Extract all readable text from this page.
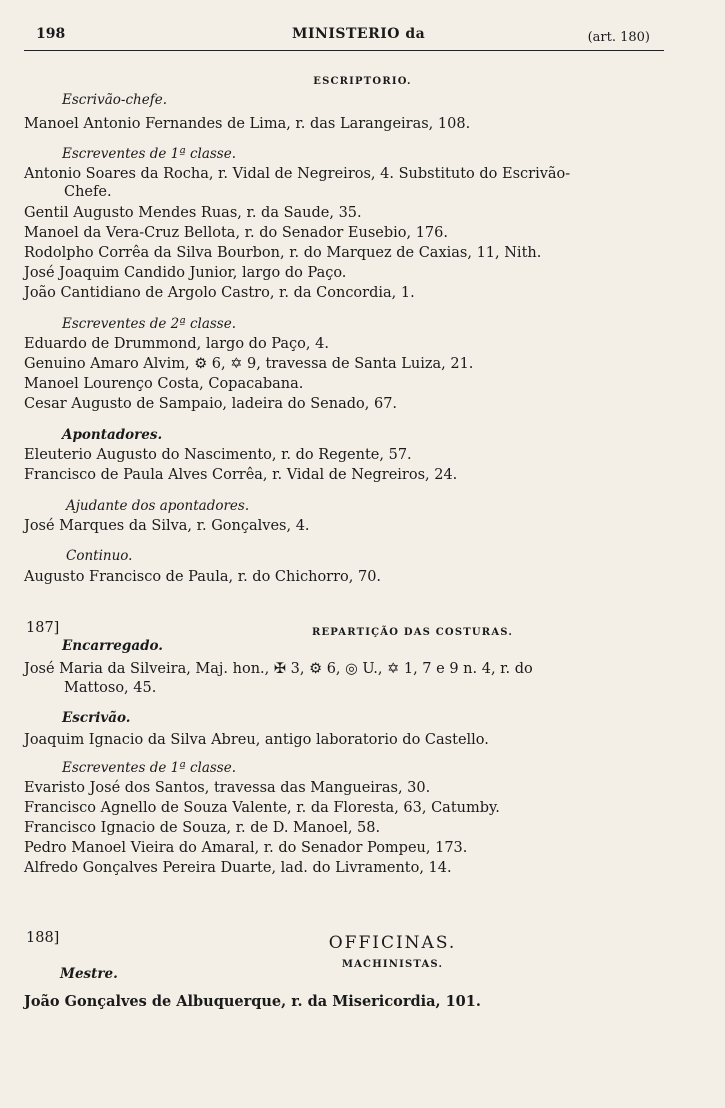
198	MINISTERIO da	(art. 180)
ESCRIPTORIO.
Escrivão-chefe.
Manoel Antonio Fernandes de Lima, r. das Larangeiras, 108.
Escreventes de 1ª classe.
Antonio Soares da Rocha, r. Vidal de Negreiros, 4. Substituto do Escrivão-
Chefe.
Gentil Augusto Mendes Ruas, r. da Saude, 35.
Manoel da Vera-Cruz Bellota, r. do Senador Eusebio, 176.
Rodolpho Corrêa da Silva Bourbon, r. do Marquez de Caxias, 11, Nith.
José Joaquim Candido Junior, largo do Paço.
João Cantidiano de Argolo Castro, r. da Concordia, 1.
Escreventes de 2ª classe.
Eduardo de Drummond, largo do Paço, 4.
Genuino Amaro Alvim, ⚙ 6, ✡ 9, travessa de Santa Luiza, 21.
Manoel Lourenço Costa, Copacabana.
Cesar Augusto de Sampaio, ladeira do Senado, 67.
Apontadores.
Eleuterio Augusto do Nascimento, r. do Regente, 57.
Francisco de Paula Alves Corrêa, r. Vidal de Negreiros, 24.
Ajudante dos apontadores.
José Marques da Silva, r. Gonçalves, 4.
Continuo.
Augusto Francisco de Paula, r. do Chichorro, 70.
187]	REPARTIÇÃO DAS COSTURAS.
Encarregado.
José Maria da Silveira, Maj. hon., ✠ 3, ⚙ 6, ◎ U., ✡ 1, 7 e 9 n. 4, r. do
Mattoso, 45.
Escrivão.
Joaquim Ignacio da Silva Abreu, antigo laboratorio do Castello.
Escreventes de 1ª classe.
Evaristo José dos Santos, travessa das Mangueiras, 30.
Francisco Agnello de Souza Valente, r. da Floresta, 63, Catumby.
Francisco Ignacio de Souza, r. de D. Manoel, 58.
Pedro Manoel Vieira do Amaral, r. do Senador Pompeu, 173.
Alfredo Gonçalves Pereira Duarte, lad. do Livramento, 14.
188]	OFFICINAS.
MACHINISTAS.
Mestre.
João Gonçalves de Albuquerque, r. da Misericordia, 101.
